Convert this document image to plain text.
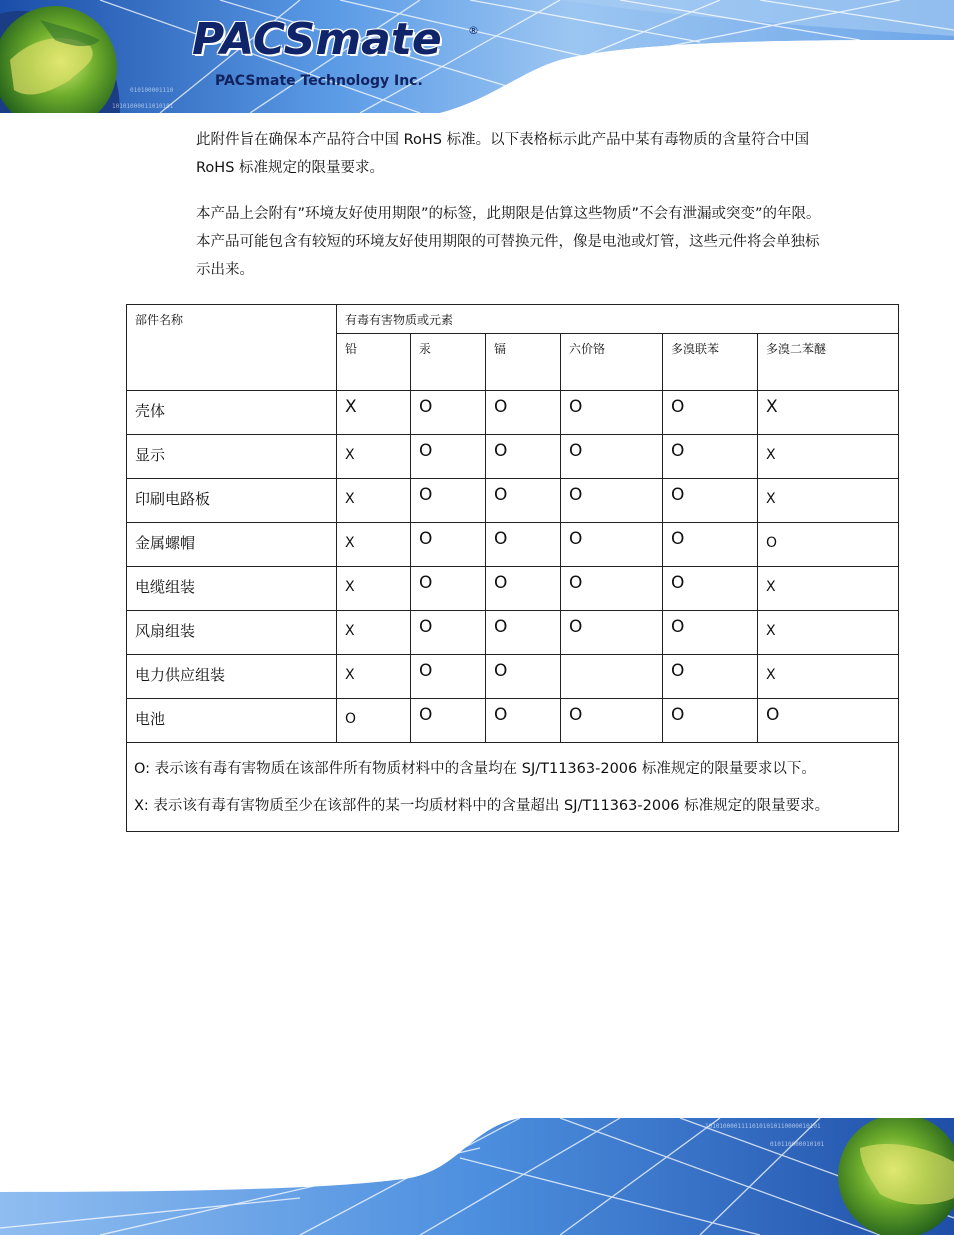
010100001110
10101000011010101
PACSmate ®
PACSmate Technology Inc.
此附件旨在确保本产品符合中国 RoHS 标准。以下表格标示此产品中某有毒物质的含量符合中国 RoHS 标准规定的限量要求。
本产品上会附有”环境友好使用期限”的标签，此期限是估算这些物质”不会有泄漏或突变”的年限。本产品可能包含有较短的环境友好使用期限的可替换元件，像是电池或灯管，这些元件将会单独标示出来。
部件名称	有毒有害物质或元素					
	铅	汞	镉	六价铬	多溴联苯	多溴二苯醚
壳体	X	O	O	O	O	X
显示	X	O	O	O	O	X
印刷电路板	X	O	O	O	O	X
金属螺帽	X	O	O	O	O	O
电缆组装	X	O	O	O	O	X
风扇组装	X	O	O	O	O	X
电力供应组装	X	O	O		O	X
电池	O	O	O	O	O	O

O: 表示该有毒有害物质在该部件所有物质材料中的含量均在 SJ/T11363-2006 标准规定的限量要求以下。
X: 表示该有毒有害物质至少在该部件的某一均质材料中的含量超出 SJ/T11363-2006 标准规定的限量要求。						
10101000011110101010110000010101
010110000010101
